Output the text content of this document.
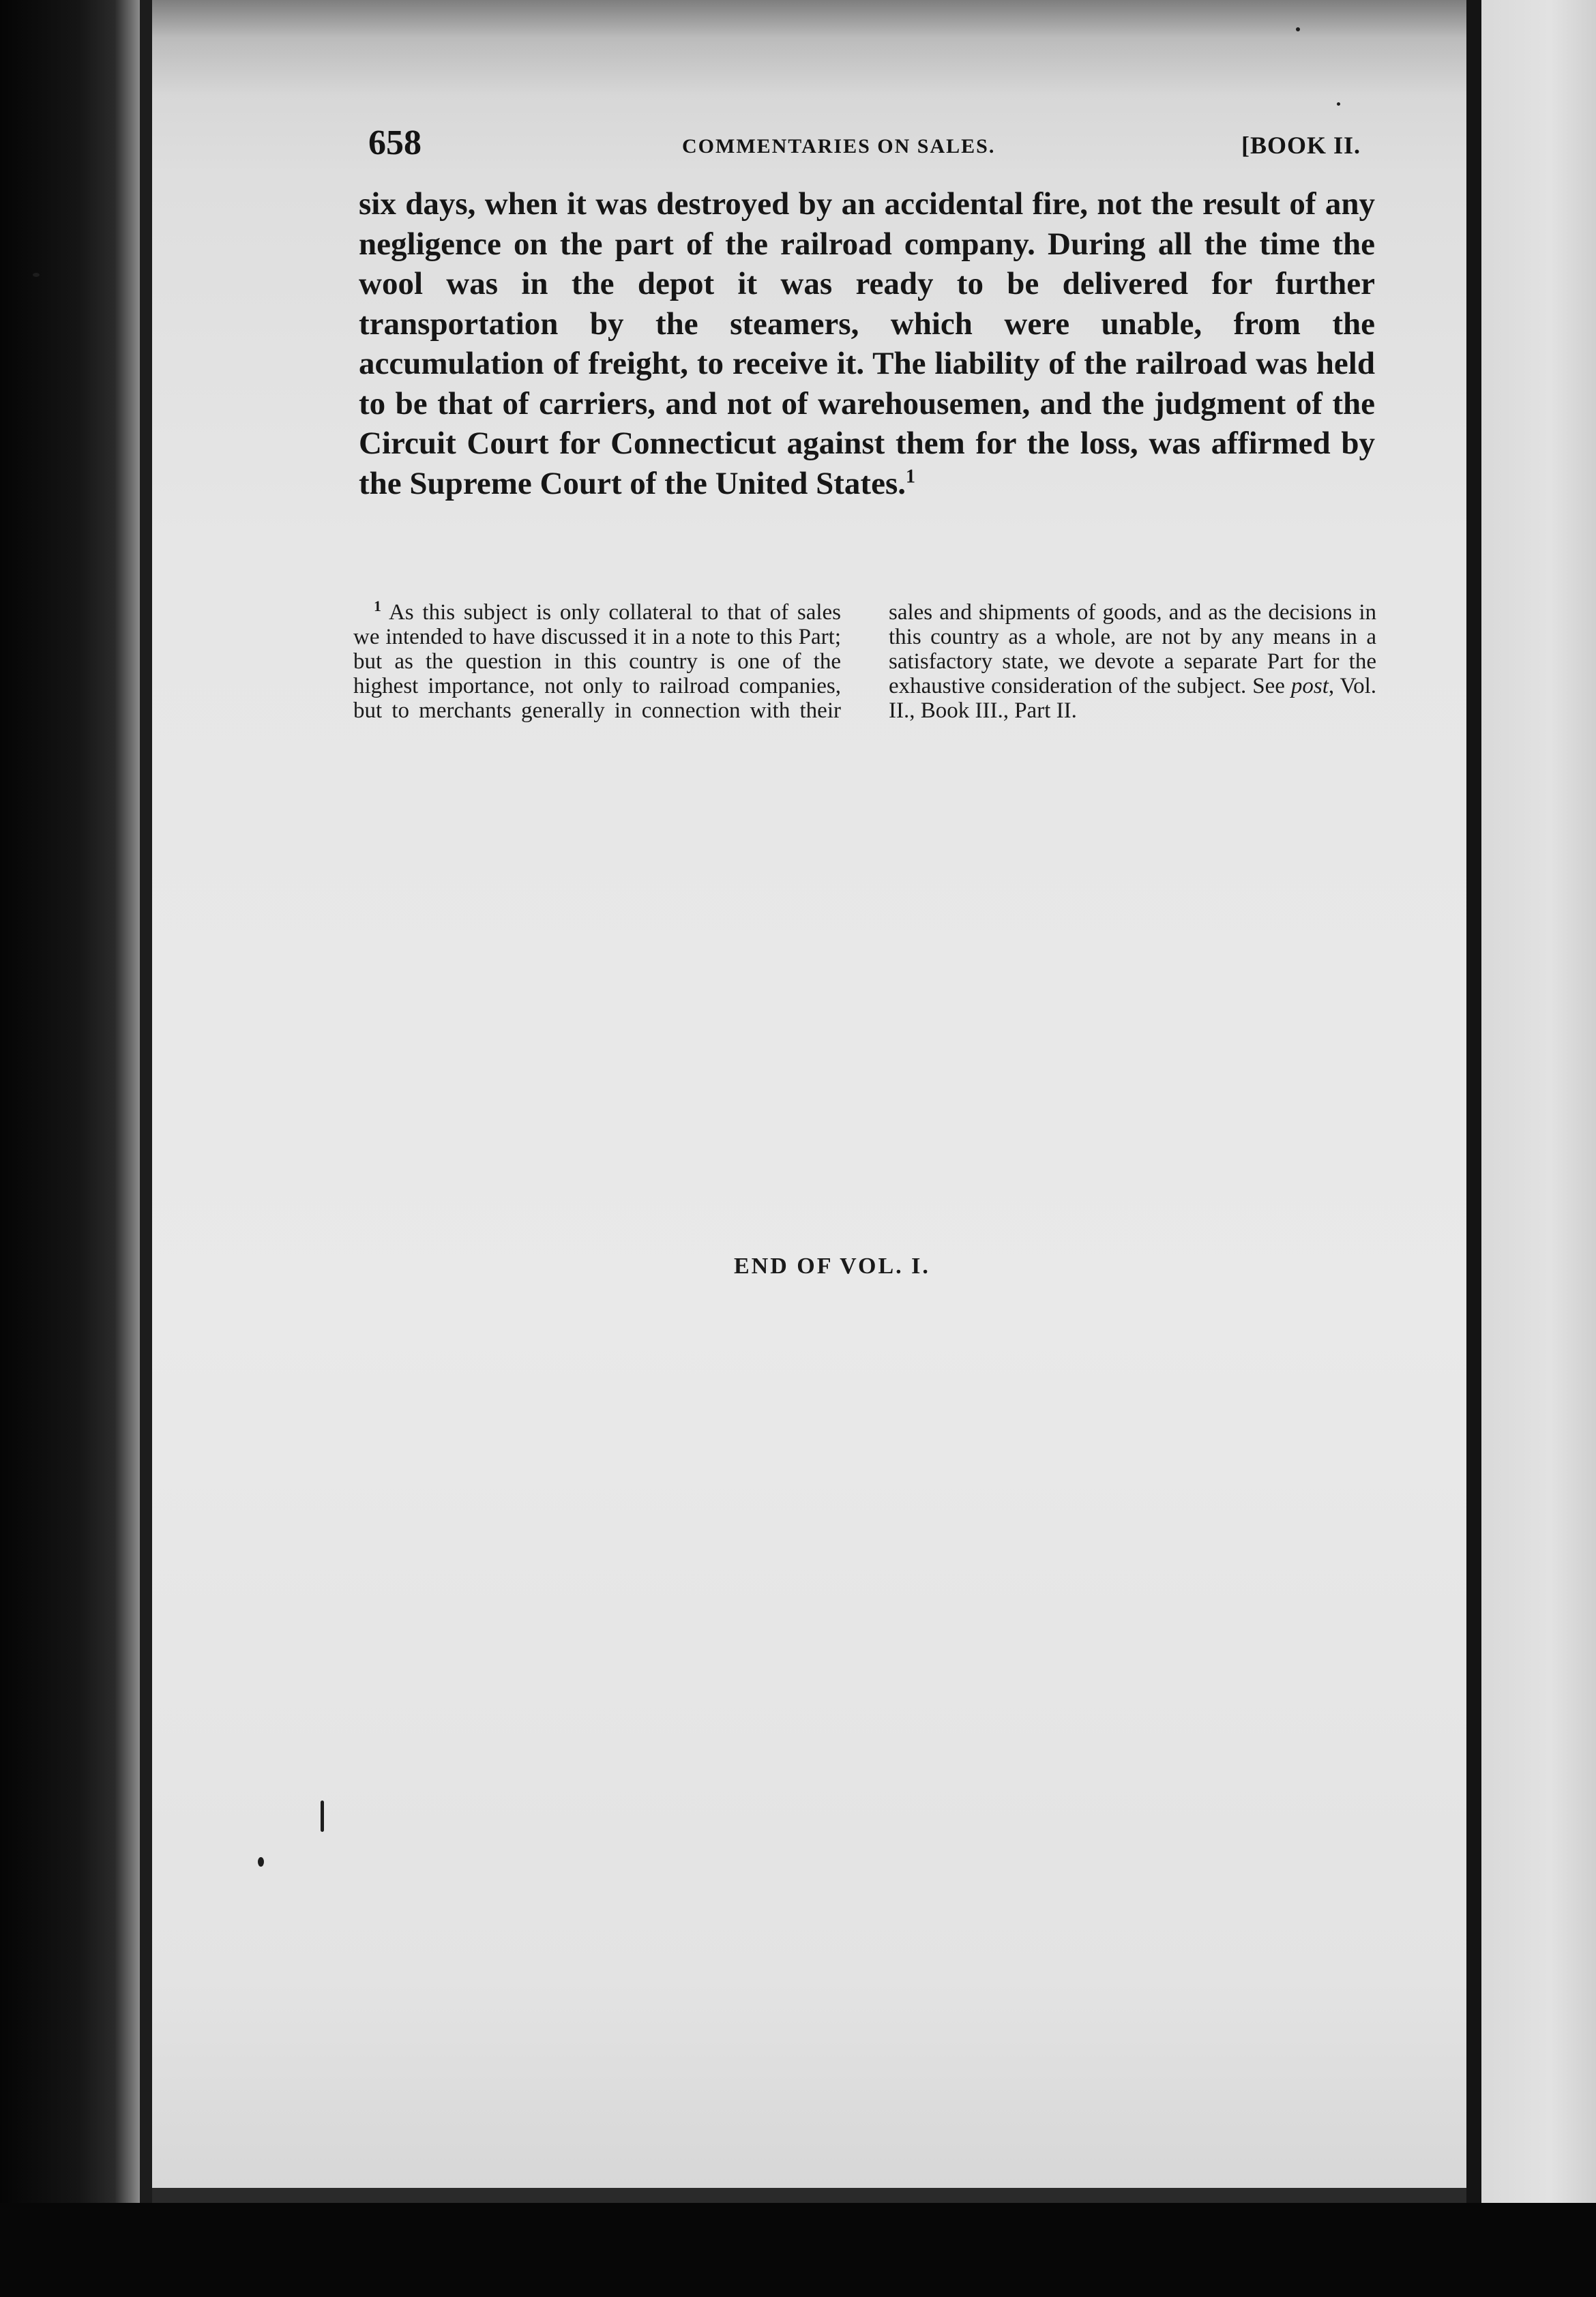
658	COMMENTARIES ON SALES.	[BOOK II.

six days, when it was destroyed by an accidental fire, not the result of any negligence on the part of the railroad company. During all the time the wool was in the depot it was ready to be delivered for further transportation by the steamers, which were unable, from the accumulation of freight, to receive it. The liability of the railroad was held to be that of carriers, and not of warehousemen, and the judgment of the Circuit Court for Connecticut against them for the loss, was affirmed by the Supreme Court of the United States.$^1$

$^1$ As this subject is only collateral to that of sales we intended to have discussed it in a note to this Part; but as the question in this country is one of the highest importance, not only to railroad companies, but to merchants generally in connection with their sales and shipments of goods, and as the decisions in this country as a whole, are not by any means in a satisfactory state, we devote a separate Part for the exhaustive consideration of the subject. See post, Vol. II., Book III., Part II.

END OF VOL. I.
